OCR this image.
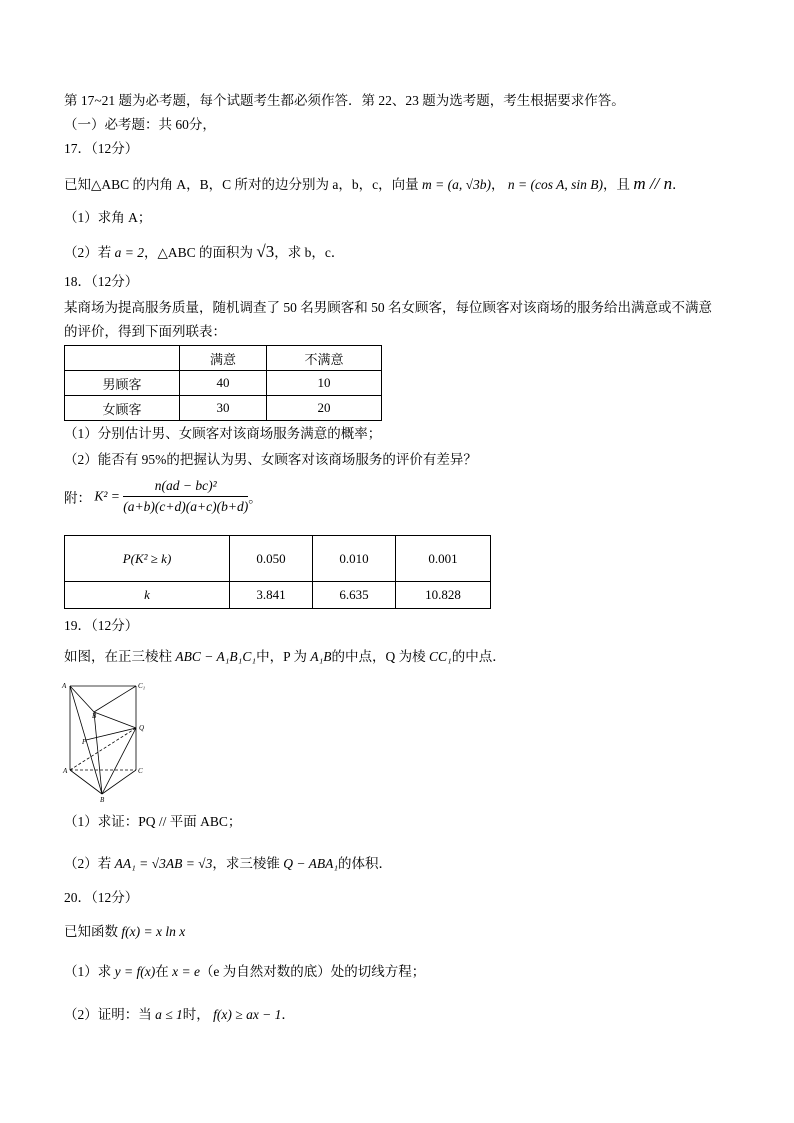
第 17~21 题为必考题，每个试题考生都必须作答．第 22、23 题为选考题，考生根据要求作答。
（一）必考题：共 60分，
17．（12分）
已知△ABC 的内角 A，B，C 所对的边分别为 a，b，c，向量 m = (a, √3b)， n = (cos A, sin B)，且 m // n．
（1）求角 A；
（2）若 a = 2，△ABC 的面积为 √3，求 b，c．
18．（12分）
某商场为提高服务质量，随机调查了 50 名男顾客和 50 名女顾客，每位顾客对该商场的服务给出满意或不满意
的评价，得到下面列联表：
	满意	不满意
男顾客	40	10
女顾客	30	20
（1）分别估计男、女顾客对该商场服务满意的概率；
（2）能否有 95%的把握认为男、女顾客对该商场服务的评价有差异？
附： $K^2 = \frac{\text{n(ad − bc)²}}{(a+b)(c+d)(a+c)(b+d)}$ 。
P(K² ≥ k)	0.050	0.010	0.001
k	3.841	6.635	10.828
19．（12分）
如图，在正三棱柱 ABC − A₁B₁C₁中，P 为 A₁B的中点，Q 为棱 CC₁的中点．
A	C₁
B
Q
P
A	C
B
（1）求证：PQ // 平面 ABC；
（2）若 AA₁ = √3AB = √3，求三棱锥 Q − ABA₁的体积．
20．（12分）
已知函数 f(x) = x ln x
（1）求 y = f(x)在 x = e（e 为自然对数的底）处的切线方程；
（2）证明：当 a ≤ 1时， f(x) ≥ ax − 1．
